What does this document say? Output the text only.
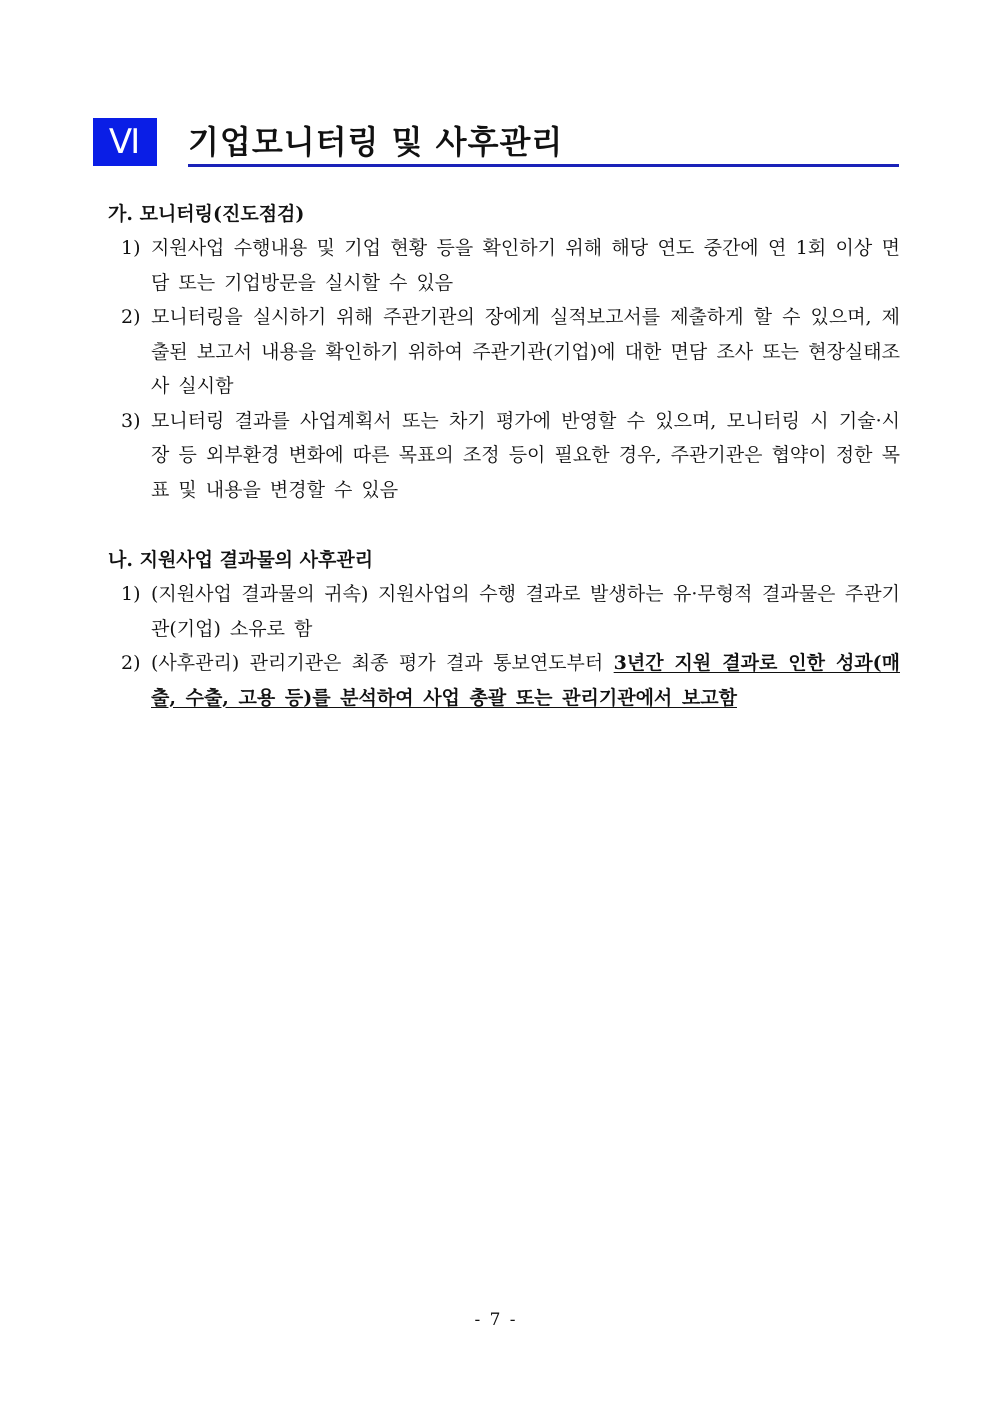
Ⅵ	기업모니터링 및 사후관리
가. 모니터링(진도점검)
1) 지원사업 수행내용 및 기업 현황 등을 확인하기 위해 해당 연도 중간에 연 1회 이상 면담 또는 기업방문을 실시할 수 있음
2) 모니터링을 실시하기 위해 주관기관의 장에게 실적보고서를 제출하게 할 수 있으며, 제출된 보고서 내용을 확인하기 위하여 주관기관(기업)에 대한 면담 조사 또는 현장실태조사 실시함
3) 모니터링 결과를 사업계획서 또는 차기 평가에 반영할 수 있으며, 모니터링 시 기술·시장 등 외부환경 변화에 따른 목표의 조정 등이 필요한 경우, 주관기관은 협약이 정한 목표 및 내용을 변경할 수 있음
나. 지원사업 결과물의 사후관리
1) (지원사업 결과물의 귀속) 지원사업의 수행 결과로 발생하는 유·무형적 결과물은 주관기관(기업) 소유로 함
2) (사후관리) 관리기관은 최종 평가 결과 통보연도부터 3년간 지원 결과로 인한 성과(매출, 수출, 고용 등)를 분석하여 사업 총괄 또는 관리기관에서 보고함
- 7 -
